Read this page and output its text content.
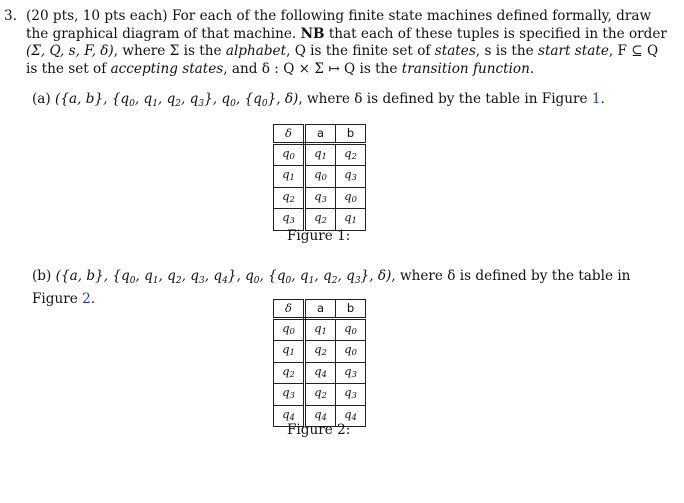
3. (20 pts, 10 pts each) For each of the following finite state machines defined formally, draw
the graphical diagram of that machine. NB that each of these tuples is specified in the order
(Σ, Q, s, F, δ), where Σ is the alphabet, Q is the finite set of states, s is the start state, F ⊆ Q
is the set of accepting states, and δ : Q × Σ ↦ Q is the transition function.
(a) ({a, b}, {$q_0$, $q_1$, $q_2$, $q_3$}, $q_0$, $\{q_0\}$, δ), where δ is defined by the table in Figure 1.
δ	a	b
q0	q1	q2
q1	q0	q3
q2	q3	q0
q3	q2	q1
Figure 1:
(b) ({a, b}, {$q_0$, $q_1$, $q_2$, $q_3$, $q_4$}, $q_0$, {$q_0$, $q_1$, $q_2$, $q_3$}, δ), where δ is defined by the table in Figure 2.
δ	a	b
q0	q1	q0
q1	q2	q0
q2	q4	q3
q3	q2	q3
q4	q4	q4
Figure 2:
